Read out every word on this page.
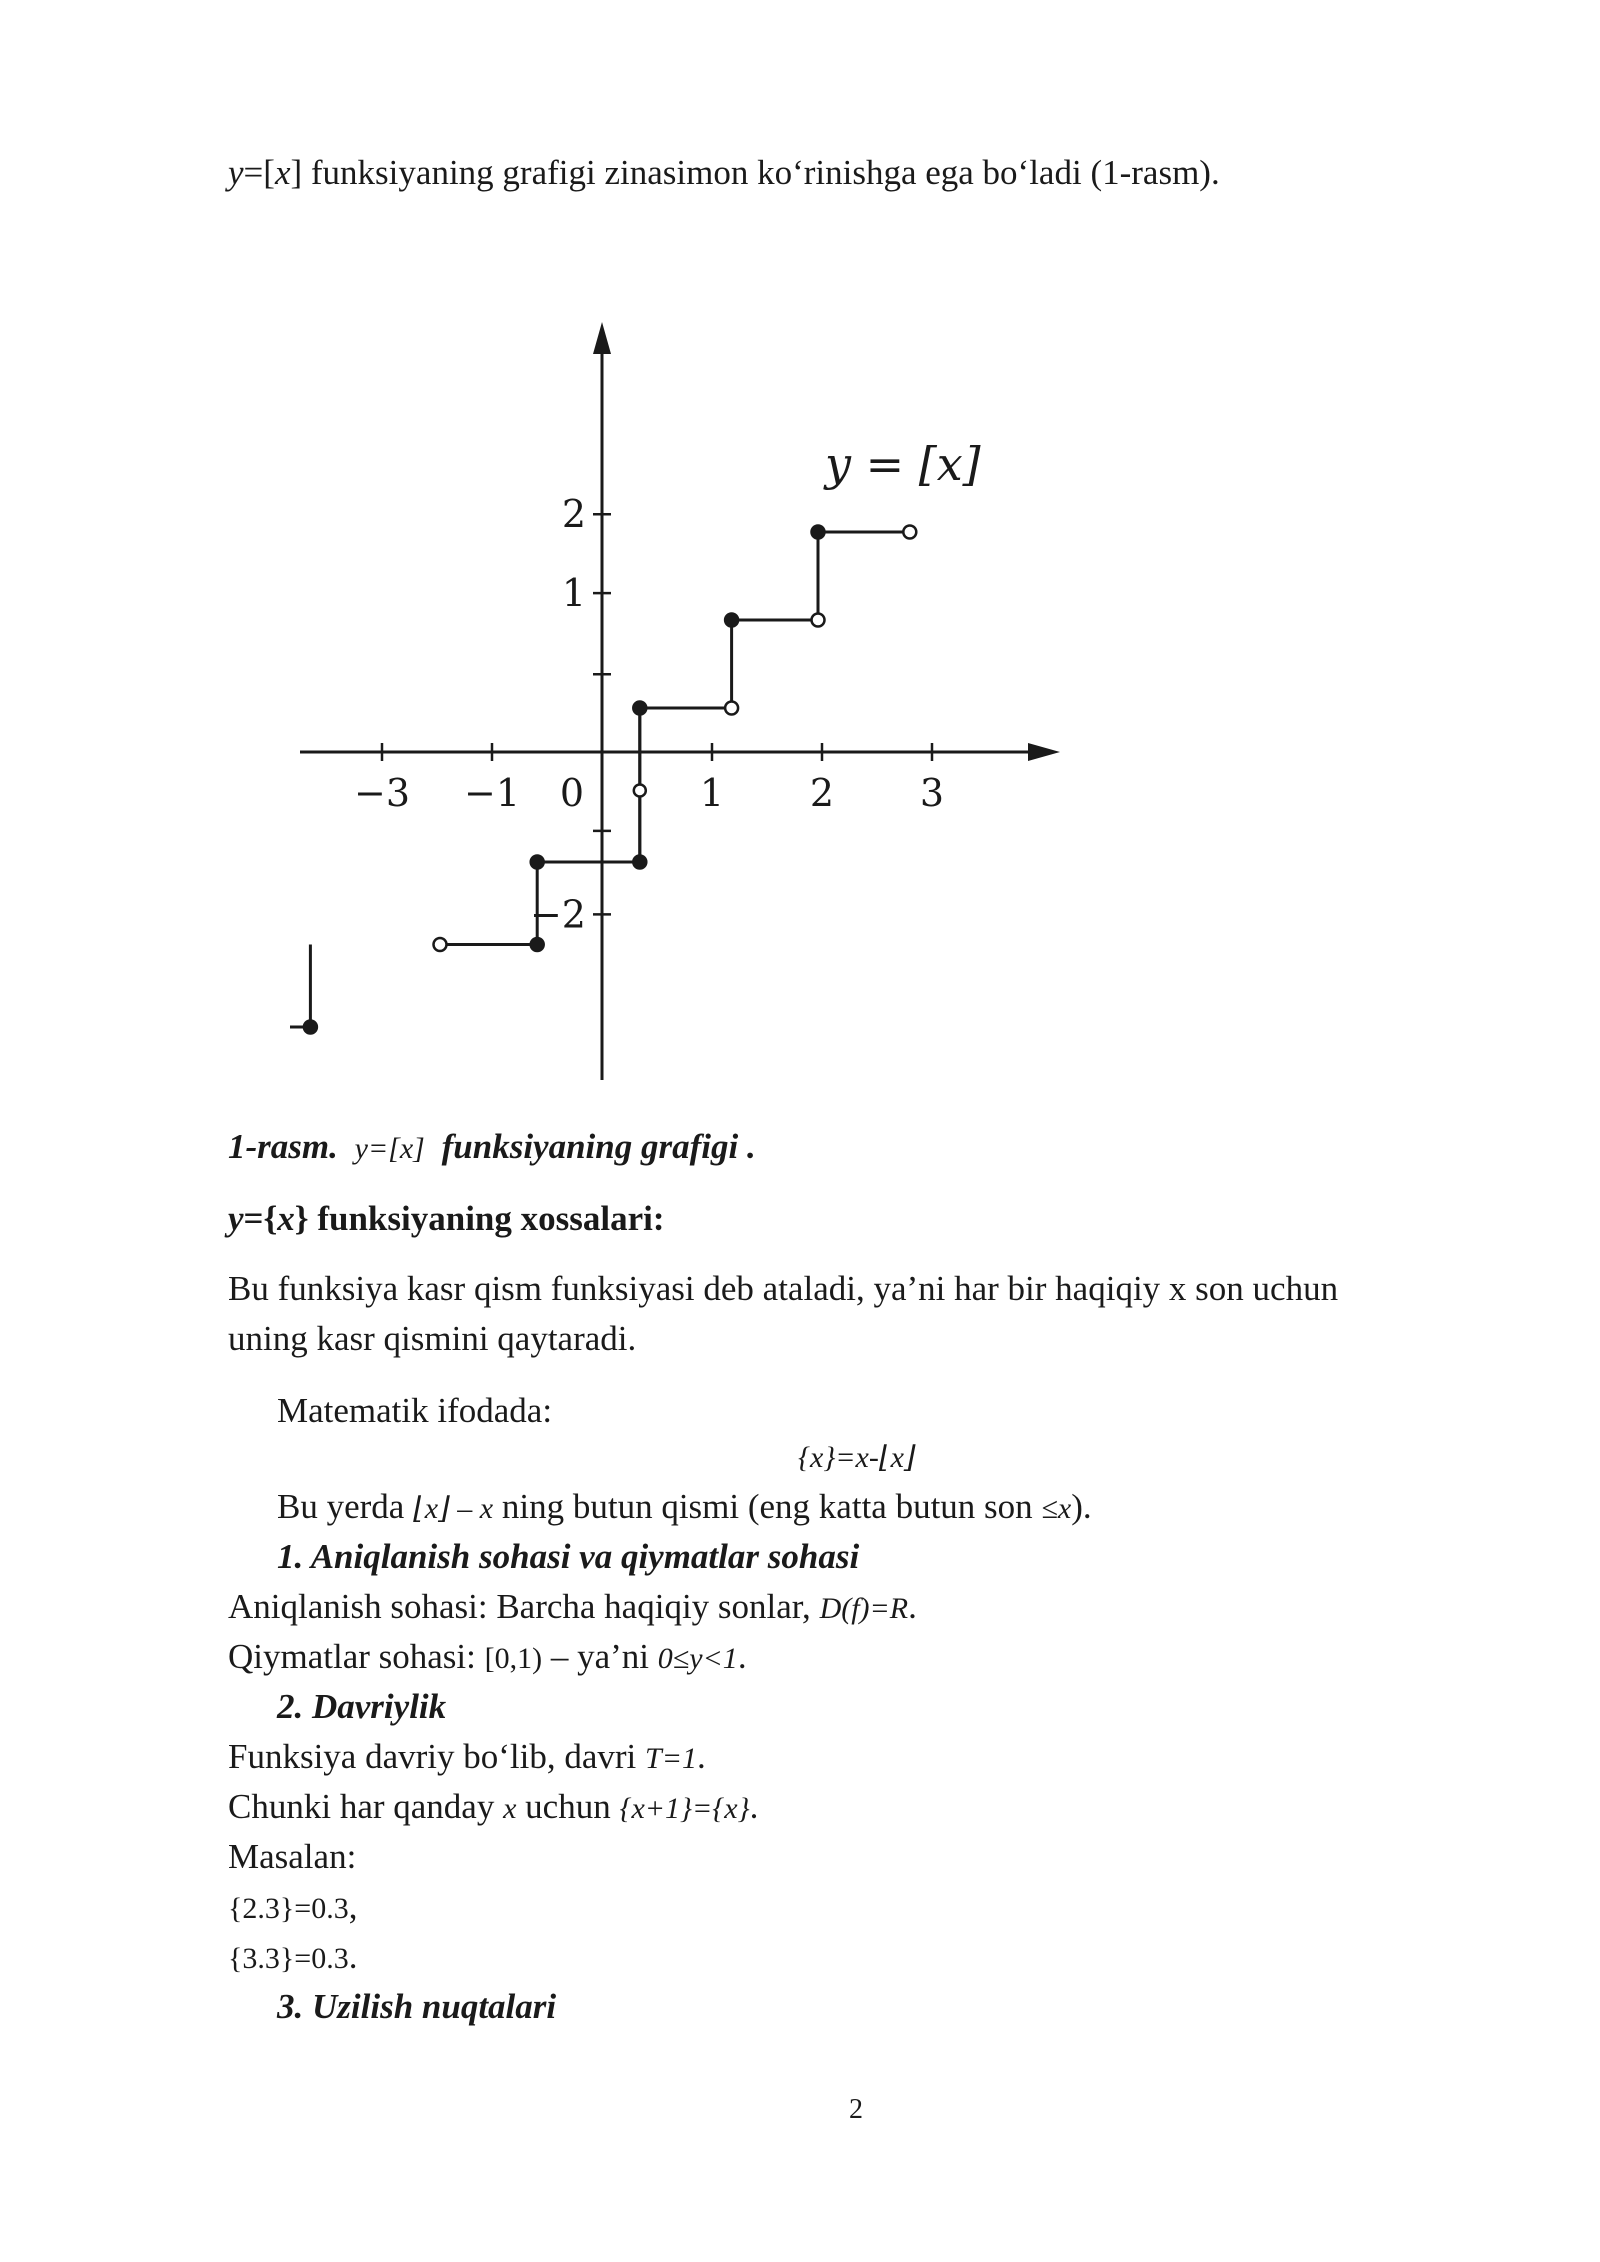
y=[x] funksiyaning grafigi zinasimon ko‘rinishga ega bo‘ladi (1-rasm).
−3 −1 0	1 2 3
2
1
−2
y = [x]
1-rasm. y=[x] funksiyaning grafigi .
y={x} funksiyaning xossalari:
Bu funksiya kasr qism funksiyasi deb ataladi, ya’ni har bir haqiqiy x son uchun
uning kasr qismini qaytaradi.
Matematik ifodada:
{x}=x-⌊x⌋
Bu yerda ⌊x⌋ – x ning butun qismi (eng katta butun son ≤x).
1. Aniqlanish sohasi va qiymatlar sohasi
Aniqlanish sohasi: Barcha haqiqiy sonlar, D(f)=R.
Qiymatlar sohasi: [0,1) – ya’ni 0≤y<1.
2. Davriylik
Funksiya davriy bo‘lib, davri T=1.
Chunki har qanday x uchun {x+1}={x}.
Masalan:
{2.3}=0.3,
{3.3}=0.3.
3. Uzilish nuqtalari
2
